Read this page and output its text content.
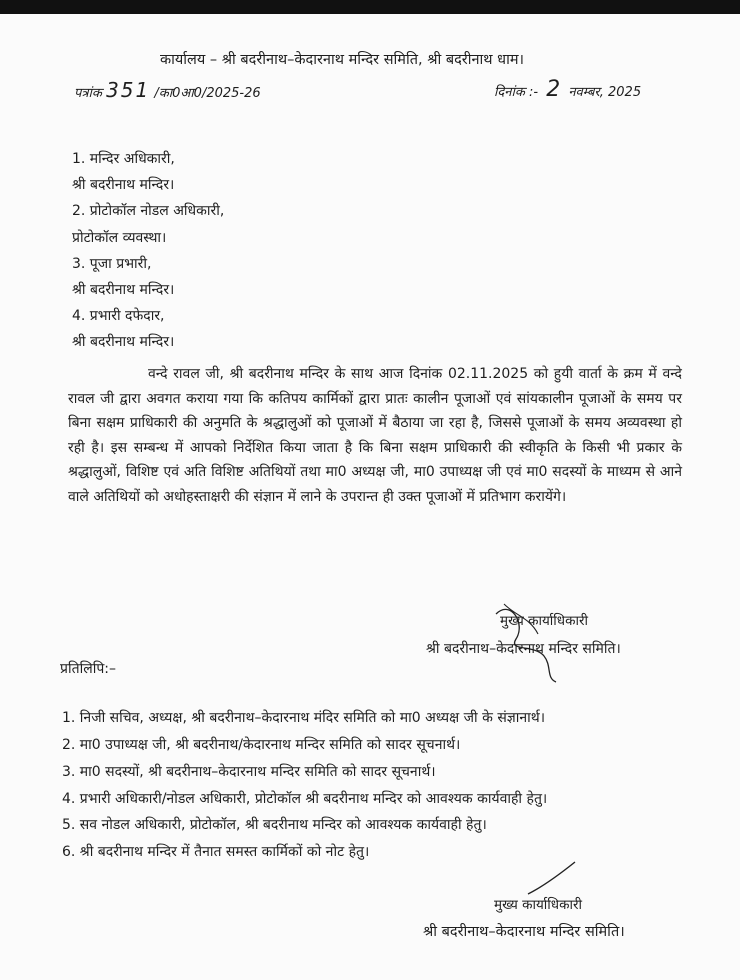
कार्यालय – श्री बदरीनाथ–केदारनाथ मन्दिर समिति, श्री बदरीनाथ धाम।
पत्रांक 351 /का0आ0/2025-26	दिनांक :- 2 नवम्बर, 2025
1. मन्दिर अधिकारी,
श्री बदरीनाथ मन्दिर।
2. प्रोटोकॉल नोडल अधिकारी,
प्रोटोकॉल व्यवस्था।
3. पूजा प्रभारी,
श्री बदरीनाथ मन्दिर।
4. प्रभारी दफेदार,
श्री बदरीनाथ मन्दिर।
वन्दे रावल जी, श्री बदरीनाथ मन्दिर के साथ आज दिनांक 02.11.2025 को हुयी वार्ता के क्रम में वन्दे रावल जी द्वारा अवगत कराया गया कि कतिपय कार्मिकों द्वारा प्रातः कालीन पूजाओं एवं सांयकालीन पूजाओं के समय पर बिना सक्षम प्राधिकारी की अनुमति के श्रद्धालुओं को पूजाओं में बैठाया जा रहा है, जिससे पूजाओं के समय अव्यवस्था हो रही है। इस सम्बन्ध में आपको निर्देशित किया जाता है कि बिना सक्षम प्राधिकारी की स्वीकृति के किसी भी प्रकार के श्रद्धालुओं, विशिष्ट एवं अति विशिष्ट अतिथियों तथा मा0 अध्यक्ष जी, मा0 उपाध्यक्ष जी एवं मा0 सदस्यों के माध्यम से आने वाले अतिथियों को अधोहस्ताक्षरी की संज्ञान में लाने के उपरान्त ही उक्त पूजाओं में प्रतिभाग करायेंगे।
मुख्य कार्याधिकारी
श्री बदरीनाथ–केदारनाथ मन्दिर समिति।
प्रतिलिपि:–
1. निजी सचिव, अध्यक्ष, श्री बदरीनाथ–केदारनाथ मंदिर समिति को मा0 अध्यक्ष जी के संज्ञानार्थ।
2. मा0 उपाध्यक्ष जी, श्री बदरीनाथ/केदारनाथ मन्दिर समिति को सादर सूचनार्थ।
3. मा0 सदस्यों, श्री बदरीनाथ–केदारनाथ मन्दिर समिति को सादर सूचनार्थ।
4. प्रभारी अधिकारी/नोडल अधिकारी, प्रोटोकॉल श्री बदरीनाथ मन्दिर को आवश्यक कार्यवाही हेतु।
5. सव नोडल अधिकारी, प्रोटोकॉल, श्री बदरीनाथ मन्दिर को आवश्यक कार्यवाही हेतु।
6. श्री बदरीनाथ मन्दिर में तैनात समस्त कार्मिकों को नोट हेतु।
मुख्य कार्याधिकारी
श्री बदरीनाथ–केदारनाथ मन्दिर समिति।
